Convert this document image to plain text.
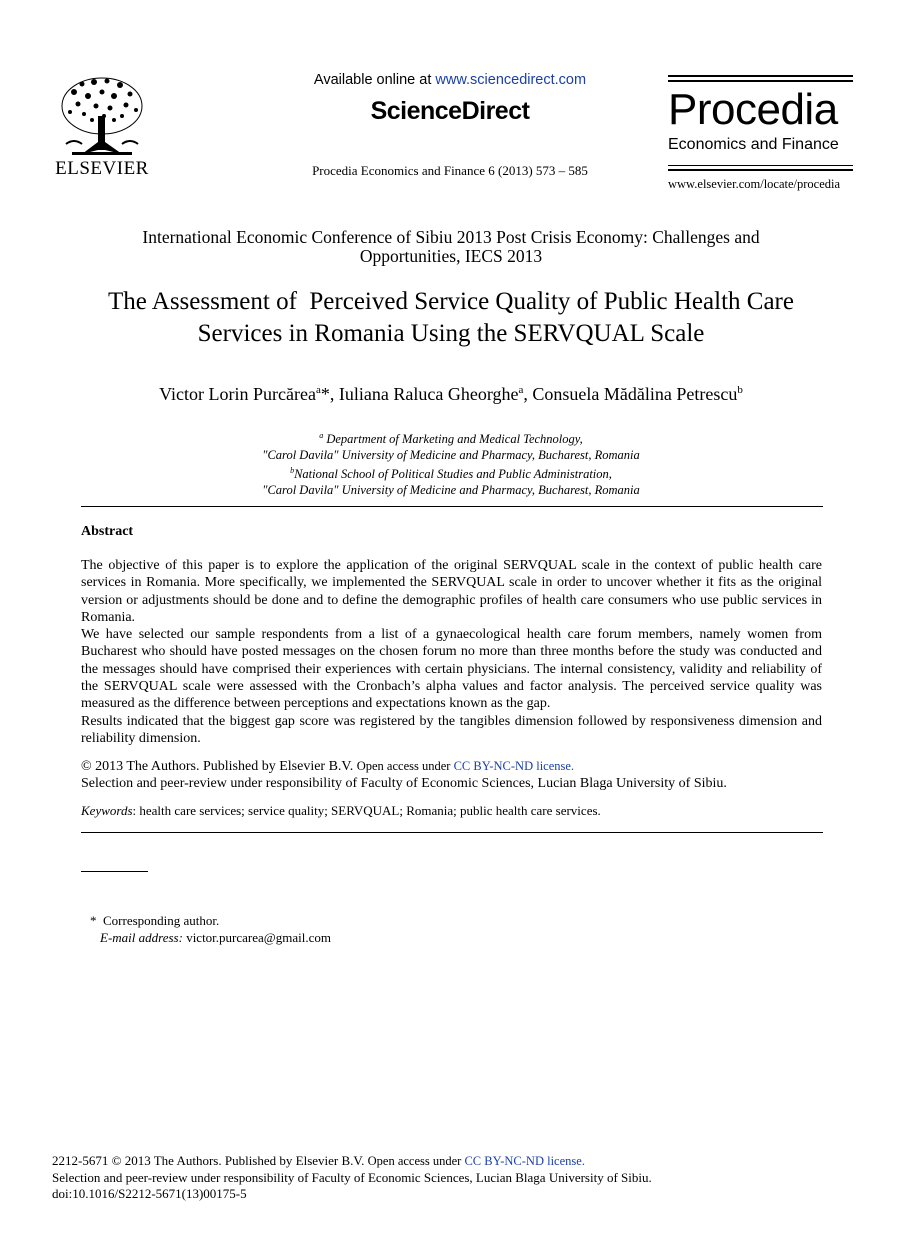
ELSEVIER
Available online at www.sciencedirect.com
ScienceDirect
Procedia Economics and Finance 6 (2013) 573 – 585
Procedia
Economics and Finance
www.elsevier.com/locate/procedia
International Economic Conference of Sibiu 2013 Post Crisis Economy: Challenges and
Opportunities, IECS 2013
The Assessment of  Perceived Service Quality of Public Health Care
Services in Romania Using the SERVQUAL Scale
Victor Lorin Purcărea$^a$*, Iuliana Raluca Gheorghe$^a$, Consuela Mădălina Petrescu$^b$
$^a$ Department of Marketing and Medical Technology,
"Carol Davila" University of Medicine and Pharmacy, Bucharest, Romania
$^b$National School of Political Studies and Public Administration,
"Carol Davila" University of Medicine and Pharmacy, Bucharest, Romania
Abstract

The objective of this paper is to explore the application of the original SERVQUAL scale in the context of public health care services in Romania. More specifically, we implemented the SERVQUAL scale in order to uncover whether it fits as the original version or adjustments should be done and to define the demographic profiles of health care consumers who use public services in Romania.

We have selected our sample respondents from a list of a gynaecological health care forum members, namely women from Bucharest who should have posted messages on the chosen forum no more than three months before the study was conducted and the messages should have comprised their experiences with certain physicians. The internal consistency, validity and reliability of the SERVQUAL scale were assessed with the Cronbach’s alpha values and factor analysis. The perceived service quality was measured as the difference between perceptions and expectations known as the gap.

Results indicated that the biggest gap score was registered by the tangibles dimension followed by responsiveness dimension and reliability dimension.

© 2013 The Authors. Published by Elsevier B.V. Open access under CC BY-NC-ND license.
Selection and peer-review under responsibility of Faculty of Economic Sciences, Lucian Blaga University of Sibiu.
Keywords: health care services; service quality; SERVQUAL; Romania; public health care services.
*  Corresponding author.
E-mail address: victor.purcarea@gmail.com
2212-5671 © 2013 The Authors. Published by Elsevier B.V. Open access under CC BY-NC-ND license.
Selection and peer-review under responsibility of Faculty of Economic Sciences, Lucian Blaga University of Sibiu.
doi:10.1016/S2212-5671(13)00175-5
